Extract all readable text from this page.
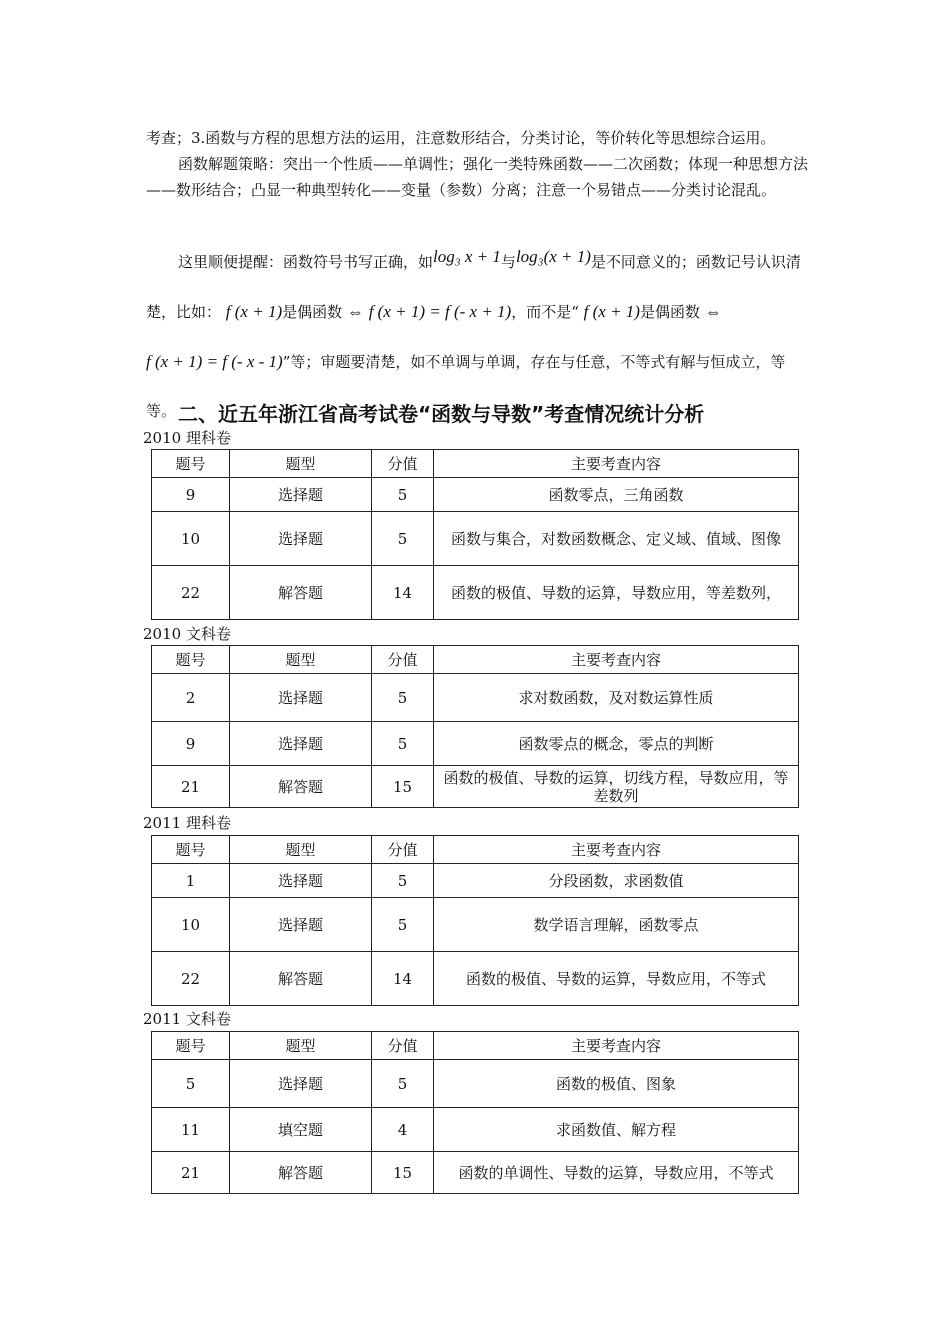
考查；3.函数与方程的思想方法的运用，注意数形结合，分类讨论，等价转化等思想综合运用。

函数解题策略：突出一个性质——单调性；强化一类特殊函数——二次函数；体现一种思想方法——数形结合；凸显一种典型转化——变量（参数）分离；注意一个易错点——分类讨论混乱。

这里顺便提醒：函数符号书写正确，如log₃ x + 1与log₃(x + 1)是不同意义的；函数记号认识清楚，比如： f (x + 1)是偶函数 ⇔ f (x + 1) = f (- x + 1)，而不是“ f (x + 1)是偶函数 ⇔ f (x + 1) = f (- x - 1)”等；审题要清楚，如不单调与单调，存在与任意，不等式有解与恒成立，等等。 二、近五年浙江省高考试卷“函数与导数”考查情况统计分析

2010 理科卷

题号	题型	分值	主要考查内容
9	选择题	5	函数零点，三角函数
10	选择题	5	函数与集合，对数函数概念、定义域、值域、图像
22	解答题	14	函数的极值、导数的运算，导数应用，等差数列，

2010 文科卷

题号	题型	分值	主要考查内容
2	选择题	5	求对数函数，及对数运算性质
9	选择题	5	函数零点的概念，零点的判断
21	解答题	15	函数的极值、导数的运算，切线方程，导数应用，等差数列

2011 理科卷

题号	题型	分值	主要考查内容
1	选择题	5	分段函数，求函数值
10	选择题	5	数学语言理解，函数零点
22	解答题	14	函数的极值、导数的运算，导数应用，不等式

2011 文科卷

题号	题型	分值	主要考查内容
5	选择题	5	函数的极值、图象
11	填空题	4	求函数值、解方程
21	解答题	15	函数的单调性、导数的运算，导数应用，不等式
